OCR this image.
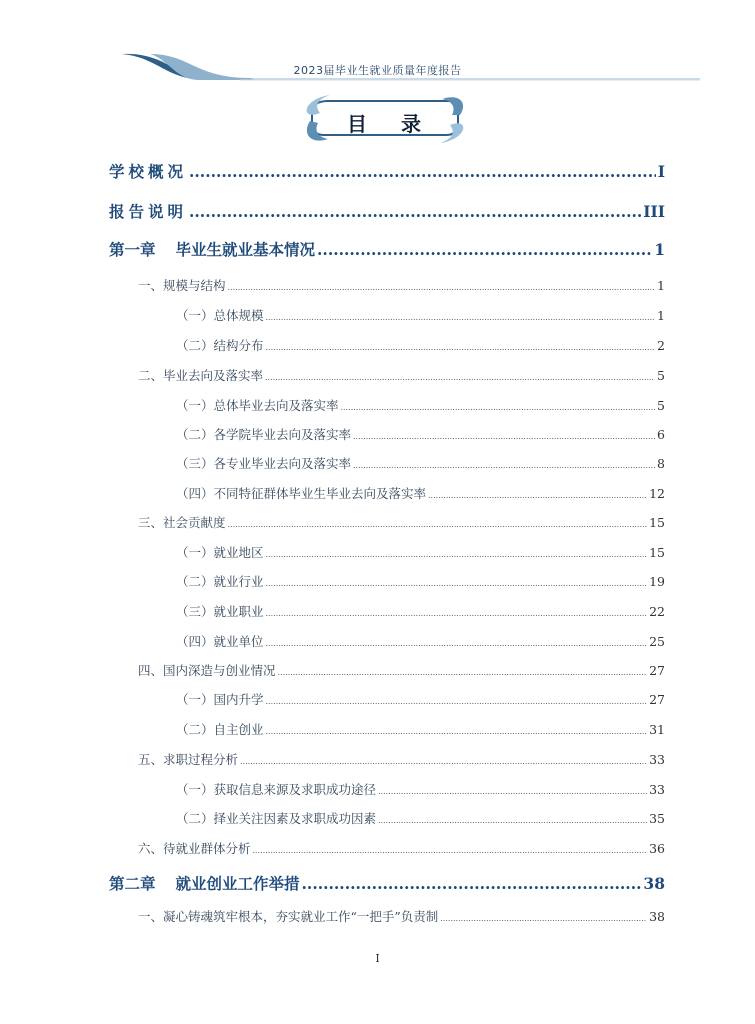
2023届毕业生就业质量年度报告
目 录
学校概况 .....	I
报告说明 .....	III
第一章 毕业生就业基本情况 .....	1
一、规模与结构 .....	1
（一）总体规模 .....	1
（二）结构分布 .....	2
二、毕业去向及落实率 .....	5
（一）总体毕业去向及落实率 .....	5
（二）各学院毕业去向及落实率 .....	6
（三）各专业毕业去向及落实率 .....	8
（四）不同特征群体毕业生毕业去向及落实率 .....	12
三、社会贡献度 .....	15
（一）就业地区 .....	15
（二）就业行业 .....	19
（三）就业职业 .....	22
（四）就业单位 .....	25
四、国内深造与创业情况 .....	27
（一）国内升学 .....	27
（二）自主创业 .....	31
五、求职过程分析 .....	33
（一）获取信息来源及求职成功途径 .....	33
（二）择业关注因素及求职成功因素 .....	35
六、待就业群体分析 .....	36
第二章 就业创业工作举措 .....	38
一、凝心铸魂筑牢根本，夯实就业工作“一把手”负责制 .....	38
I
